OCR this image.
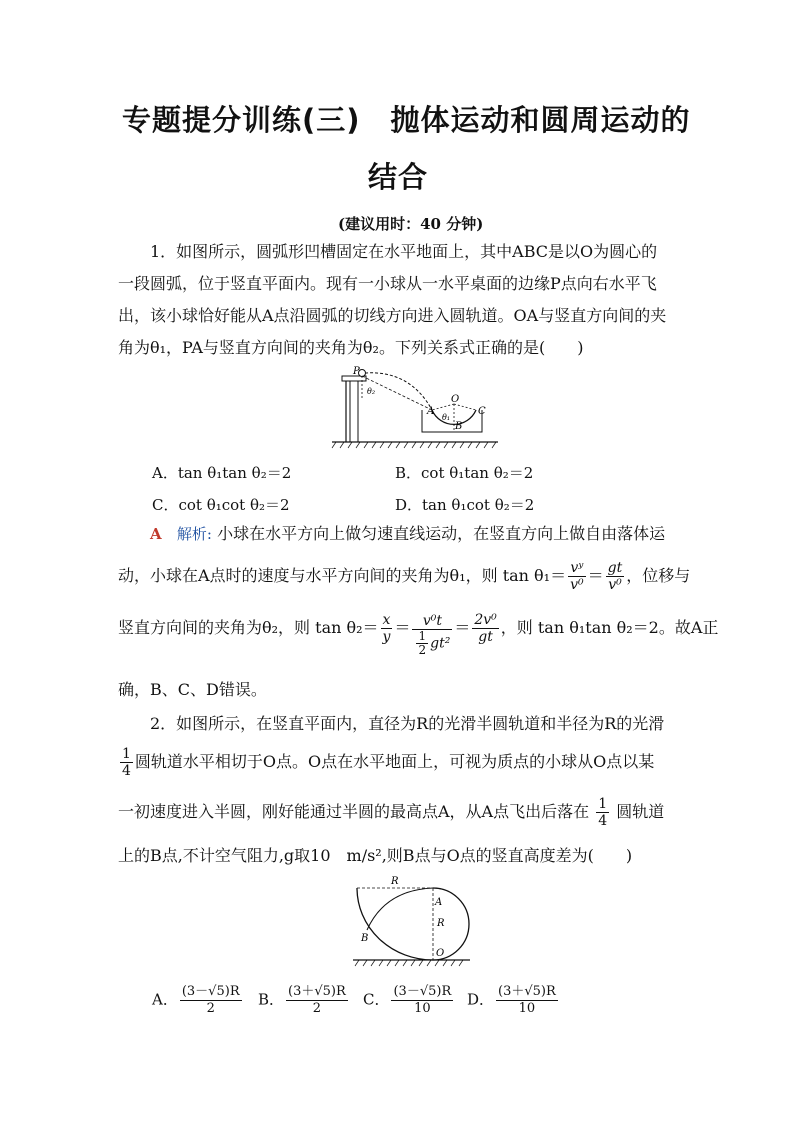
专题提分训练(三)　抛体运动和圆周运动的
结合
(建议用时：40 分钟)
1．如图所示，圆弧形凹槽固定在水平地面上，其中ABC是以O为圆心的
一段圆弧，位于竖直平面内。现有一小球从一水平桌面的边缘P点向右水平飞
出，该小球恰好能从A点沿圆弧的切线方向进入圆轨道。OA与竖直方向间的夹
角为θ₁，PA与竖直方向间的夹角为θ₂。下列关系式正确的是(　　)
P
θ₂
A
O
θ₁
B
C
A．tan θ₁tan θ₂＝2	B．cot θ₁tan θ₂＝2
C．cot θ₁cot θ₂＝2	D．tan θ₁cot θ₂＝2
A 解析: 小球在水平方向上做匀速直线运动，在竖直方向上做自由落体运
动，小球在A点时的速度与水平方向间的夹角为θ₁，则 $\tan \theta_1= \frac{\text{vʸ}}{\text{v⁰}} = \frac{gt}{\text{v⁰}}$ ，位移与
竖直方向间的夹角为θ₂，则 $\tan \theta_2= \frac{x}{y} = \frac{\text{v⁰t}}{\frac{1}{2} gt^2} = \frac{\text{2v⁰}}{gt}$ ，则 tan θ₁tan θ₂＝2。故A正
确，B、C、D错误。
2．如图所示，在竖直平面内，直径为R的光滑半圆轨道和半径为R的光滑
$\frac{1}{4}$ 圆轨道水平相切于O点。O点在水平地面上，可视为质点的小球从O点以某
一初速度进入半圆，刚好能通过半圆的最高点A，从A点飞出后落在 $\frac{1}{4}$ 圆轨道
上的B点,不计空气阻力,g取10　m/s²,则B点与O点的竖直高度差为(　　)
R
A
R
B
O
A． $\frac{(3-√5)R}{2}$ B． $\frac{(3+√5)R}{2}$ C． $\frac{(3-√5)R}{10}$ D． $\frac{(3+√5)R}{10}$
